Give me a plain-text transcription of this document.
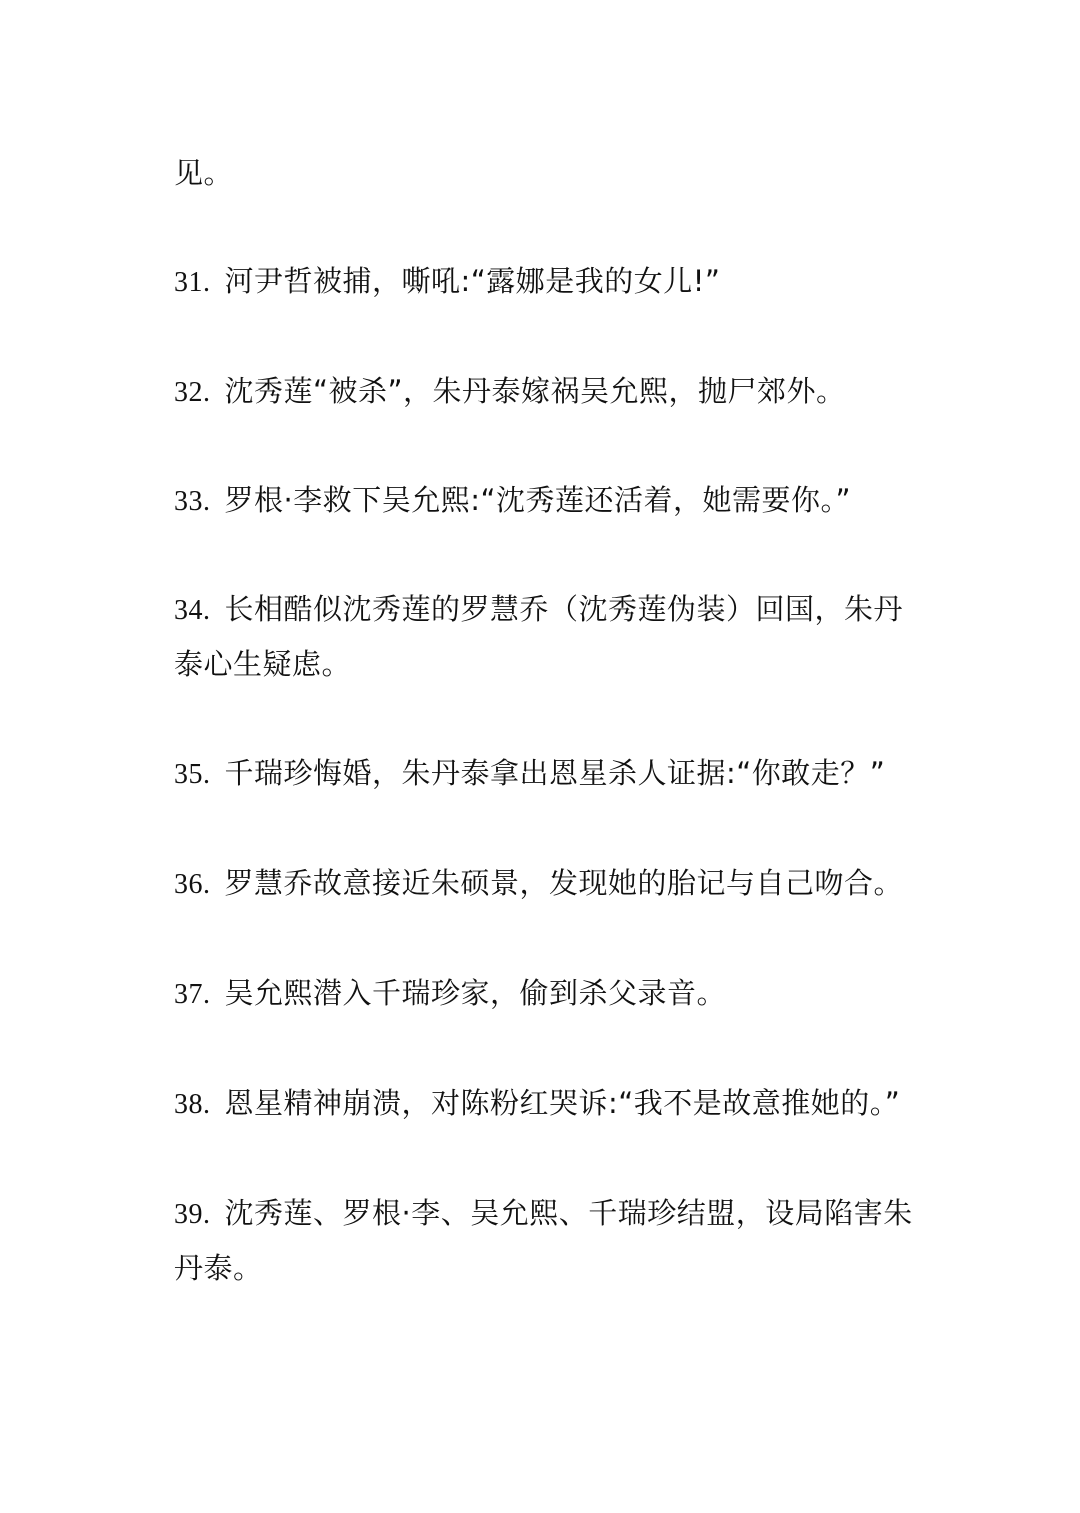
见。
31. 河尹哲被捕，嘶吼:“露娜是我的女儿!”
32. 沈秀莲“被杀”，朱丹泰嫁祸吴允熙，抛尸郊外。
33. 罗根·李救下吴允熙:“沈秀莲还活着，她需要你。”
34. 长相酷似沈秀莲的罗慧乔（沈秀莲伪装）回国，朱丹
泰心生疑虑。
35. 千瑞珍悔婚，朱丹泰拿出恩星杀人证据:“你敢走？”
36. 罗慧乔故意接近朱硕景，发现她的胎记与自己吻合。
37. 吴允熙潜入千瑞珍家，偷到杀父录音。
38. 恩星精神崩溃，对陈粉红哭诉:“我不是故意推她的。”
39. 沈秀莲、罗根·李、吴允熙、千瑞珍结盟，设局陷害朱
丹泰。
